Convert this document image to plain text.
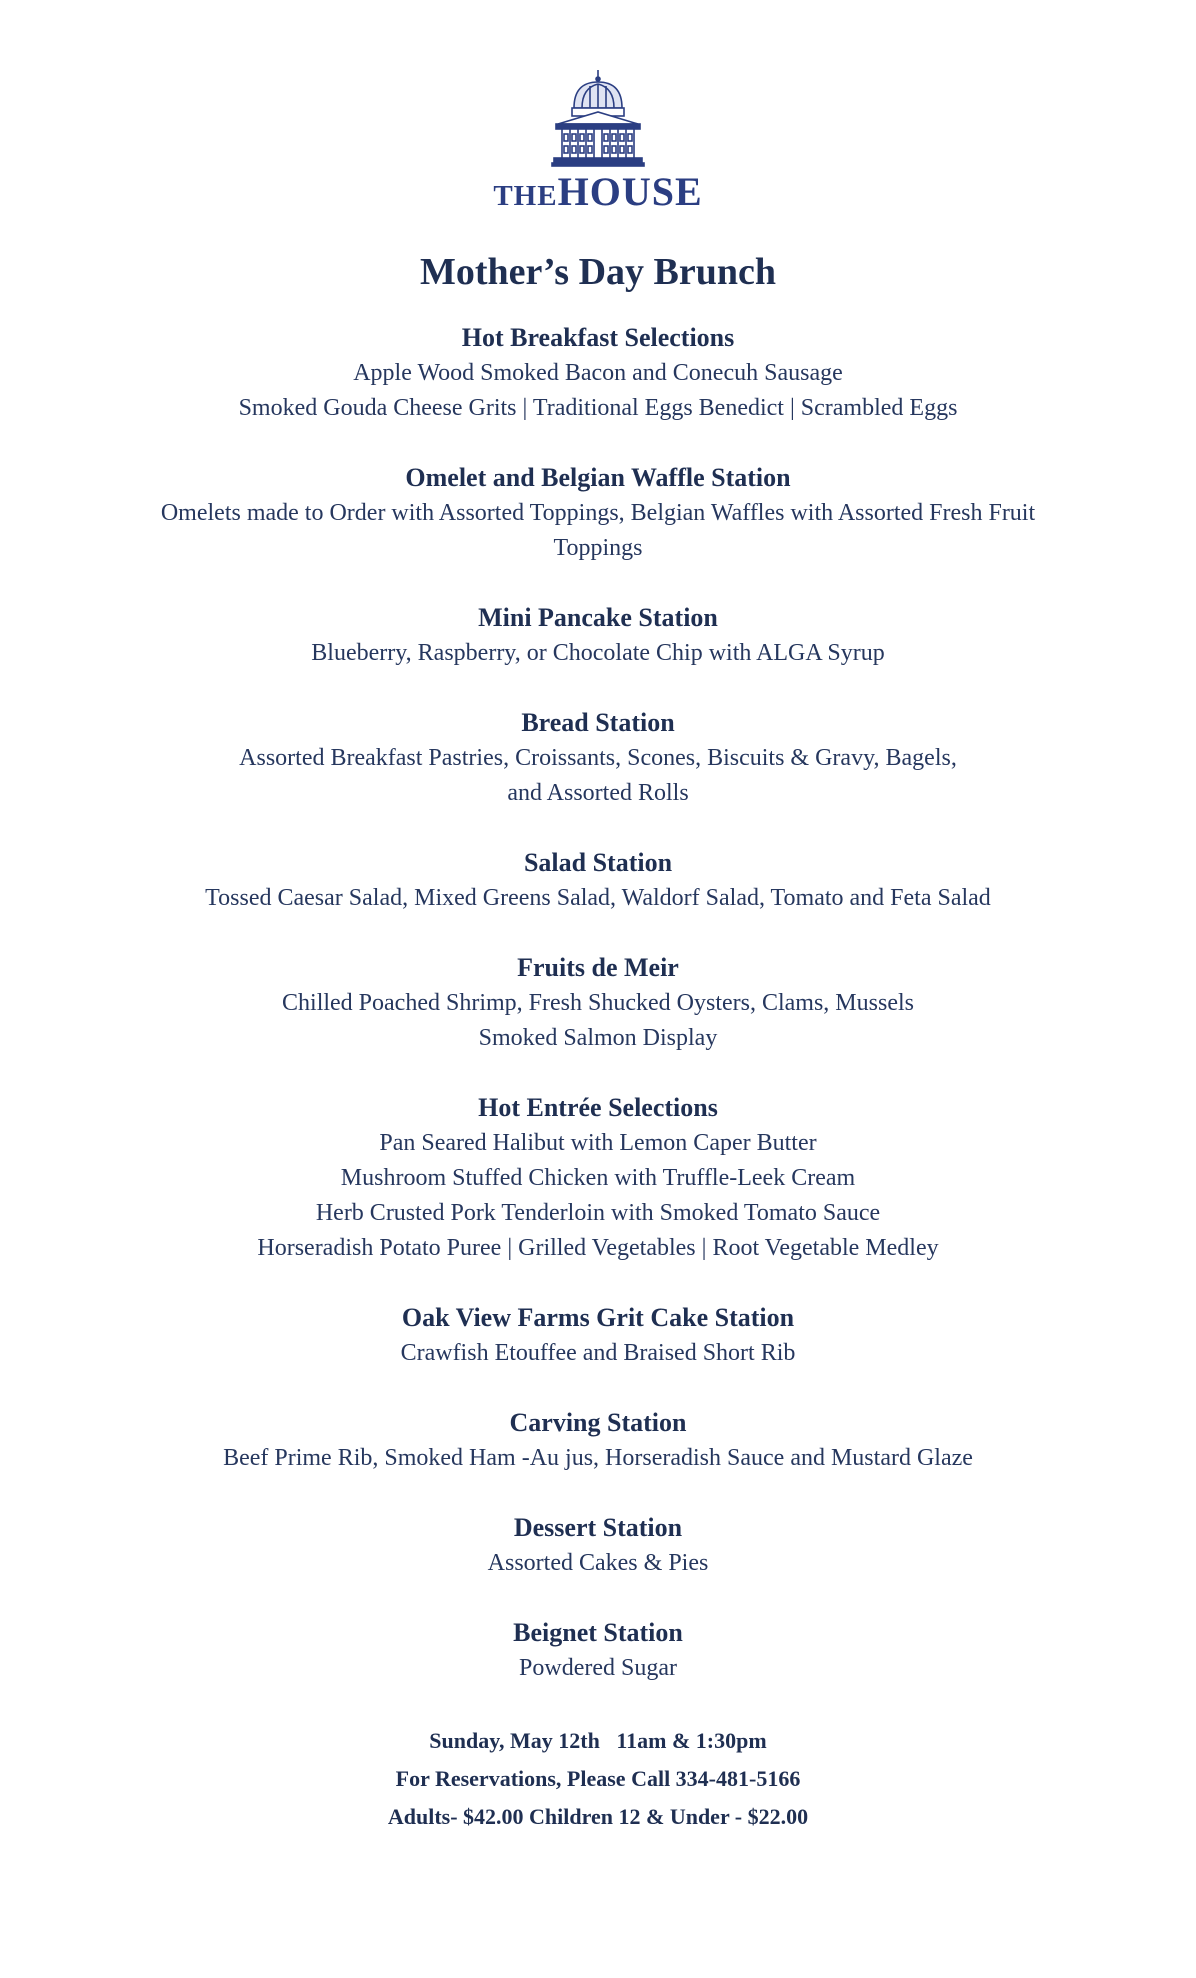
THEHOUSE
Mother’s Day Brunch
Hot Breakfast Selections
Apple Wood Smoked Bacon and Conecuh Sausage
Smoked Gouda Cheese Grits | Traditional Eggs Benedict | Scrambled Eggs
Omelet and Belgian Waffle Station
Omelets made to Order with Assorted Toppings, Belgian Waffles with Assorted Fresh Fruit
Toppings
Mini Pancake Station
Blueberry, Raspberry, or Chocolate Chip with ALGA Syrup
Bread Station
Assorted Breakfast Pastries, Croissants, Scones, Biscuits & Gravy, Bagels,
and Assorted Rolls
Salad Station
Tossed Caesar Salad, Mixed Greens Salad, Waldorf Salad, Tomato and Feta Salad
Fruits de Meir
Chilled Poached Shrimp, Fresh Shucked Oysters, Clams, Mussels
Smoked Salmon Display
Hot Entrée Selections
Pan Seared Halibut with Lemon Caper Butter
Mushroom Stuffed Chicken with Truffle-Leek Cream
Herb Crusted Pork Tenderloin with Smoked Tomato Sauce
Horseradish Potato Puree | Grilled Vegetables | Root Vegetable Medley
Oak View Farms Grit Cake Station
Crawfish Etouffee and Braised Short Rib
Carving Station
Beef Prime Rib, Smoked Ham -Au jus, Horseradish Sauce and Mustard Glaze
Dessert Station
Assorted Cakes & Pies
Beignet Station
Powdered Sugar
Sunday, May 12th   11am & 1:30pm
For Reservations, Please Call 334-481-5166
Adults- $42.00 Children 12 & Under - $22.00
